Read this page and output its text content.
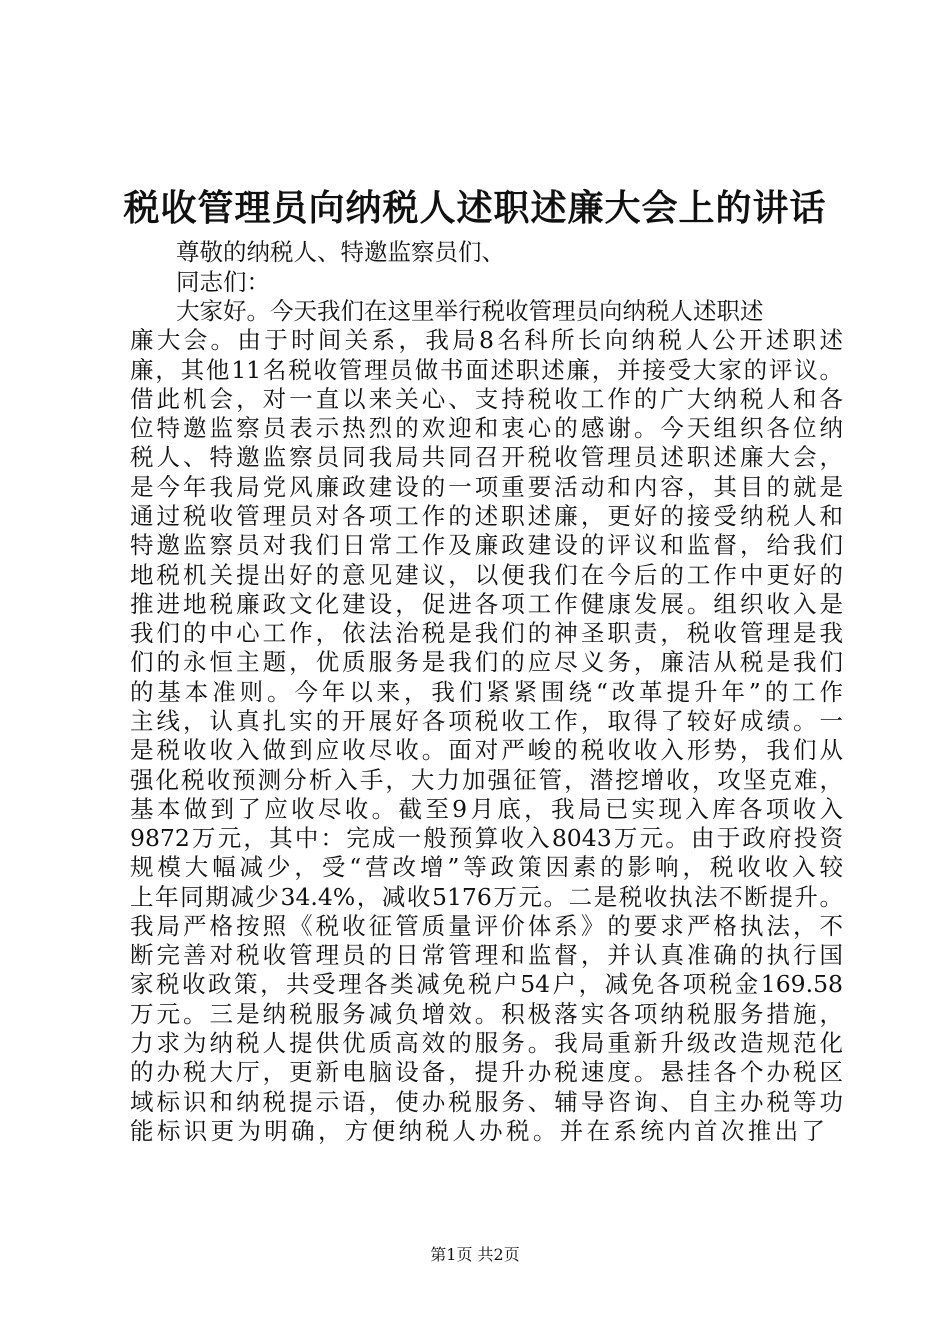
税收管理员向纳税人述职述廉大会上的讲话
尊敬的纳税人、特邀监察员们、
同志们：
大家好。今天我们在这里举行税收管理员向纳税人述职述
廉大会。由于时间关系，我局8名科所长向纳税人公开述职述
廉，其他11名税收管理员做书面述职述廉，并接受大家的评议。
借此机会，对一直以来关心、支持税收工作的广大纳税人和各
位特邀监察员表示热烈的欢迎和衷心的感谢。今天组织各位纳
税人、特邀监察员同我局共同召开税收管理员述职述廉大会，
是今年我局党风廉政建设的一项重要活动和内容，其目的就是
通过税收管理员对各项工作的述职述廉，更好的接受纳税人和
特邀监察员对我们日常工作及廉政建设的评议和监督，给我们
地税机关提出好的意见建议，以便我们在今后的工作中更好的
推进地税廉政文化建设，促进各项工作健康发展。组织收入是
我们的中心工作，依法治税是我们的神圣职责，税收管理是我
们的永恒主题，优质服务是我们的应尽义务，廉洁从税是我们
的基本准则。今年以来，我们紧紧围绕“改革提升年”的工作
主线，认真扎实的开展好各项税收工作，取得了较好成绩。一
是税收收入做到应收尽收。面对严峻的税收收入形势，我们从
强化税收预测分析入手，大力加强征管，潜挖增收，攻坚克难，
基本做到了应收尽收。截至9月底，我局已实现入库各项收入
9872万元，其中：完成一般预算收入8043万元。由于政府投资
规模大幅减少，受“营改增”等政策因素的影响，税收收入较
上年同期减少34.4%，减收5176万元。二是税收执法不断提升。
我局严格按照《税收征管质量评价体系》的要求严格执法，不
断完善对税收管理员的日常管理和监督，并认真准确的执行国
家税收政策，共受理各类减免税户54户，减免各项税金169.58
万元。三是纳税服务减负增效。积极落实各项纳税服务措施，
力求为纳税人提供优质高效的服务。我局重新升级改造规范化
的办税大厅，更新电脑设备，提升办税速度。悬挂各个办税区
域标识和纳税提示语，使办税服务、辅导咨询、自主办税等功
能标识更为明确，方便纳税人办税。并在系统内首次推出了
第1页 共2页
